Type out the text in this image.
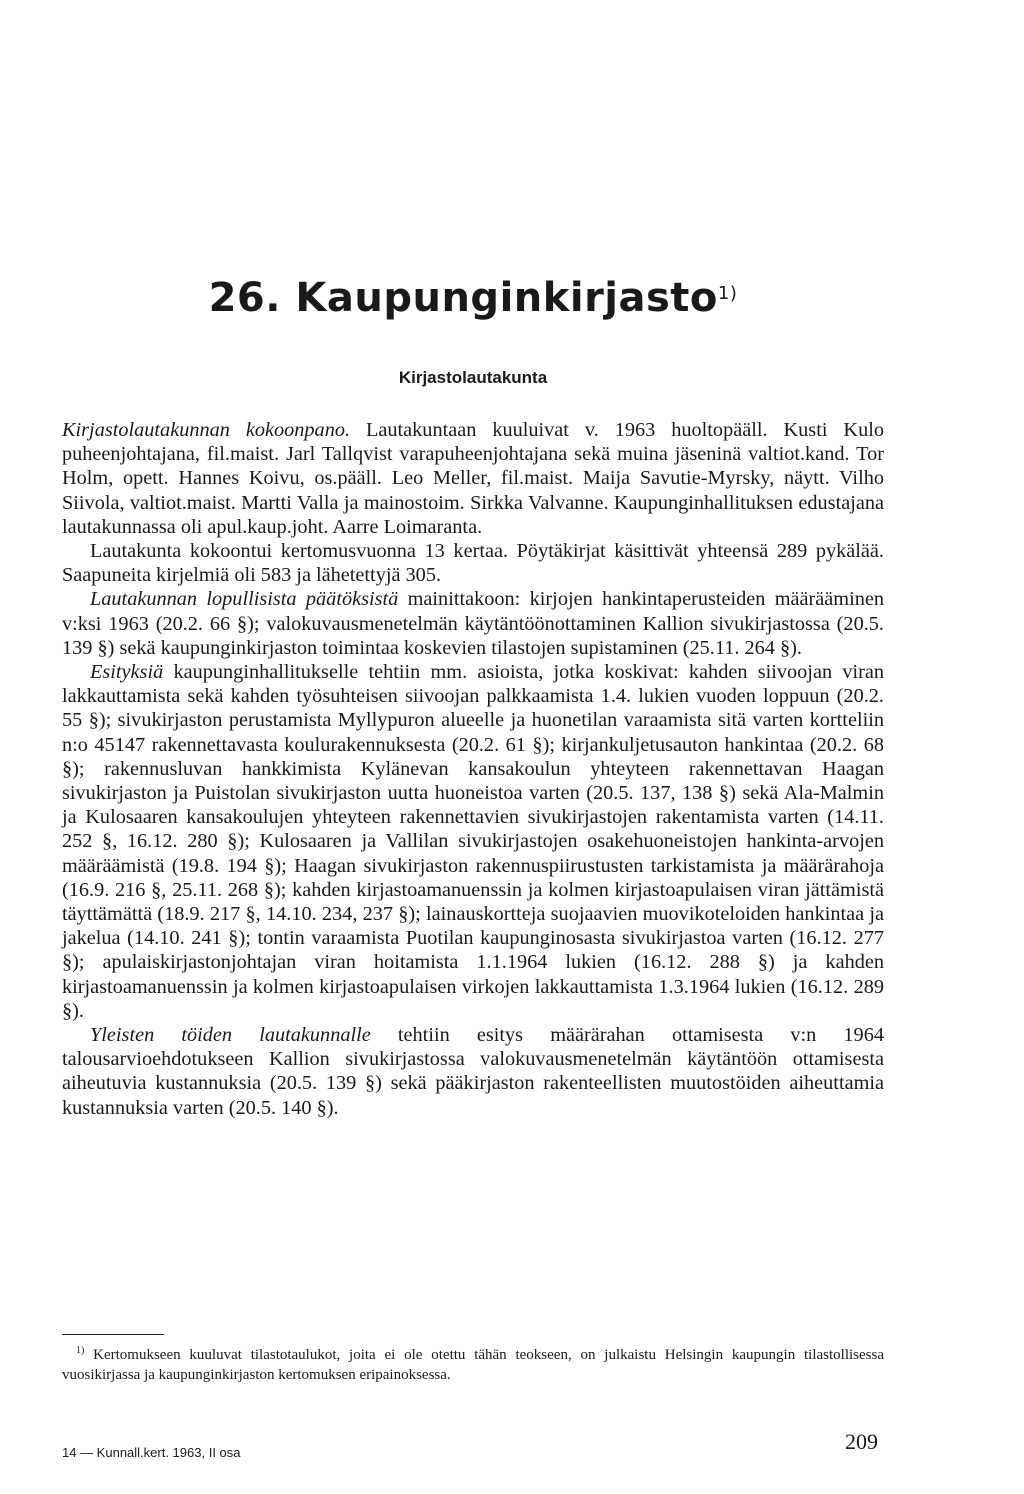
26. Kaupunginkirjasto$^{1)}$
Kirjastolautakunta

Kirjastolautakunnan kokoonpano. Lautakuntaan kuuluivat v. 1963 huoltopääll. Kusti Kulo puheenjohtajana, fil.maist. Jarl Tallqvist varapuheenjohtajana sekä muina jäseninä valtiot.kand. Tor Holm, opett. Hannes Koivu, os.pääll. Leo Meller, fil.maist. Maija Savutie-Myrsky, näytt. Vilho Siivola, valtiot.maist. Martti Valla ja mainostoim. Sirkka Valvanne. Kaupunginhallituksen edustajana lautakunnassa oli apul.kaup.joht. Aarre Loimaranta.

Lautakunta kokoontui kertomusvuonna 13 kertaa. Pöytäkirjat käsittivät yhteensä 289 pykälää. Saapuneita kirjelmiä oli 583 ja lähetettyjä 305.

Lautakunnan lopullisista päätöksistä mainittakoon: kirjojen hankintaperusteiden määrääminen v:ksi 1963 (20.2. 66 §); valokuvausmenetelmän käytäntöönottaminen Kallion sivukirjastossa (20.5. 139 §) sekä kaupunginkirjaston toimintaa koskevien tilastojen supistaminen (25.11. 264 §).

Esityksiä kaupunginhallitukselle tehtiin mm. asioista, jotka koskivat: kahden siivoojan viran lakkauttamista sekä kahden työsuhteisen siivoojan palkkaamista 1.4. lukien vuoden loppuun (20.2. 55 §); sivukirjaston perustamista Myllypuron alueelle ja huonetilan varaamista sitä varten kortteliin n:o 45147 rakennettavasta koulurakennuksesta (20.2. 61 §); kirjankuljetusauton hankintaa (20.2. 68 §); rakennusluvan hankkimista Kylänevan kansakoulun yhteyteen rakennettavan Haagan sivukirjaston ja Puistolan sivukirjaston uutta huoneistoa varten (20.5. 137, 138 §) sekä Ala-Malmin ja Kulosaaren kansakoulujen yhteyteen rakennettavien sivukirjastojen rakentamista varten (14.11. 252 §, 16.12. 280 §); Kulosaaren ja Vallilan sivukirjastojen osakehuoneistojen hankinta-arvojen määräämistä (19.8. 194 §); Haagan sivukirjaston rakennuspiirustusten tarkistamista ja määrärahoja (16.9. 216 §, 25.11. 268 §); kahden kirjastoamanuenssin ja kolmen kirjastoapulaisen viran jättämistä täyttämättä (18.9. 217 §, 14.10. 234, 237 §); lainauskortteja suojaavien muovikoteloiden hankintaa ja jakelua (14.10. 241 §); tontin varaamista Puotilan kaupunginosasta sivukirjastoa varten (16.12. 277 §); apulaiskirjastonjohtajan viran hoitamista 1.1.1964 lukien (16.12. 288 §) ja kahden kirjastoamanuenssin ja kolmen kirjastoapulaisen virkojen lakkauttamista 1.3.1964 lukien (16.12. 289 §).

Yleisten töiden lautakunnalle tehtiin esitys määrärahan ottamisesta v:n 1964 talousarvioehdotukseen Kallion sivukirjastossa valokuvausmenetelmän käytäntöön ottamisesta aiheutuvia kustannuksia (20.5. 139 §) sekä pääkirjaston rakenteellisten muutostöiden aiheuttamia kustannuksia varten (20.5. 140 §).

$^{1)}$ Kertomukseen kuuluvat tilastotaulukot, joita ei ole otettu tähän teokseen, on julkaistu Helsingin kaupungin tilastollisessa vuosikirjassa ja kaupunginkirjaston kertomuksen eripainoksessa.

14 — Kunnall.kert. 1963, II osa	209
